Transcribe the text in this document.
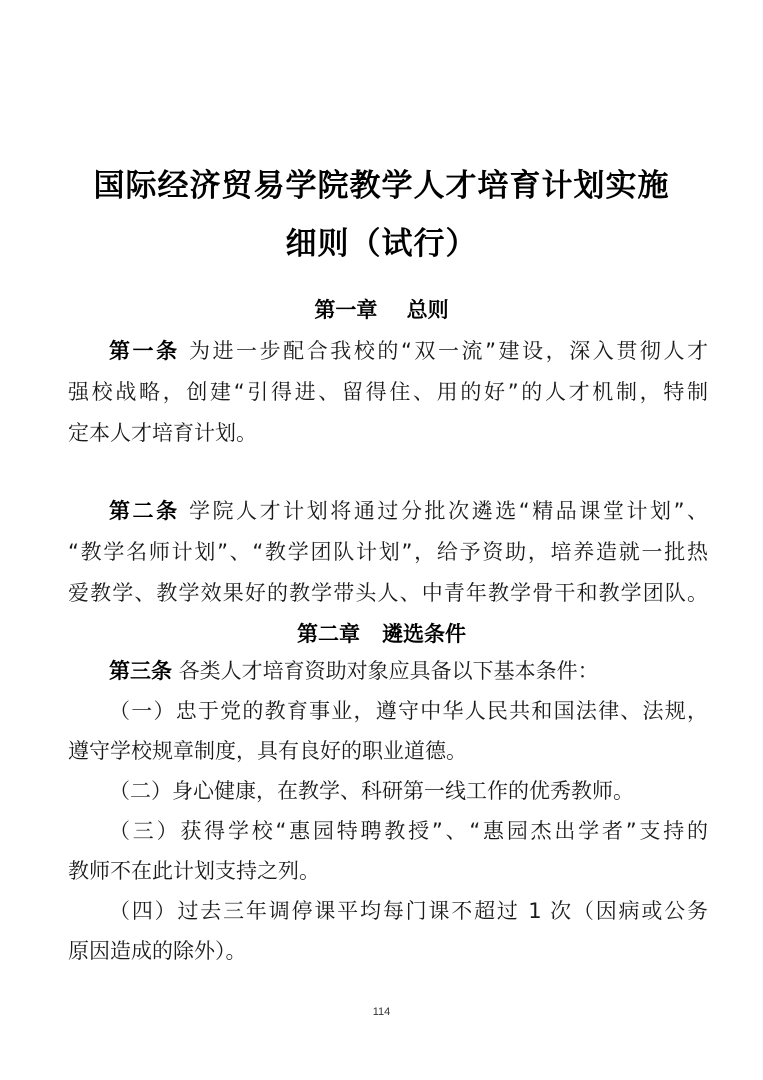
国际经济贸易学院教学人才培育计划实施
细则（试行）
第一章    总则
第一条 为进一步配合我校的“双一流”建设，深入贯彻人才
强校战略，创建“引得进、留得住、用的好”的人才机制，特制
定本人才培育计划。
第二条 学院人才计划将通过分批次遴选“精品课堂计划”、
“教学名师计划”、“教学团队计划”，给予资助，培养造就一批热
爱教学、教学效果好的教学带头人、中青年教学骨干和教学团队。
第二章   遴选条件
第三条 各类人才培育资助对象应具备以下基本条件：
（一）忠于党的教育事业，遵守中华人民共和国法律、法规，
遵守学校规章制度，具有良好的职业道德。
（二）身心健康，在教学、科研第一线工作的优秀教师。
（三）获得学校“惠园特聘教授”、“惠园杰出学者”支持的
教师不在此计划支持之列。
（四）过去三年调停课平均每门课不超过 1 次（因病或公务
原因造成的除外）。
114
